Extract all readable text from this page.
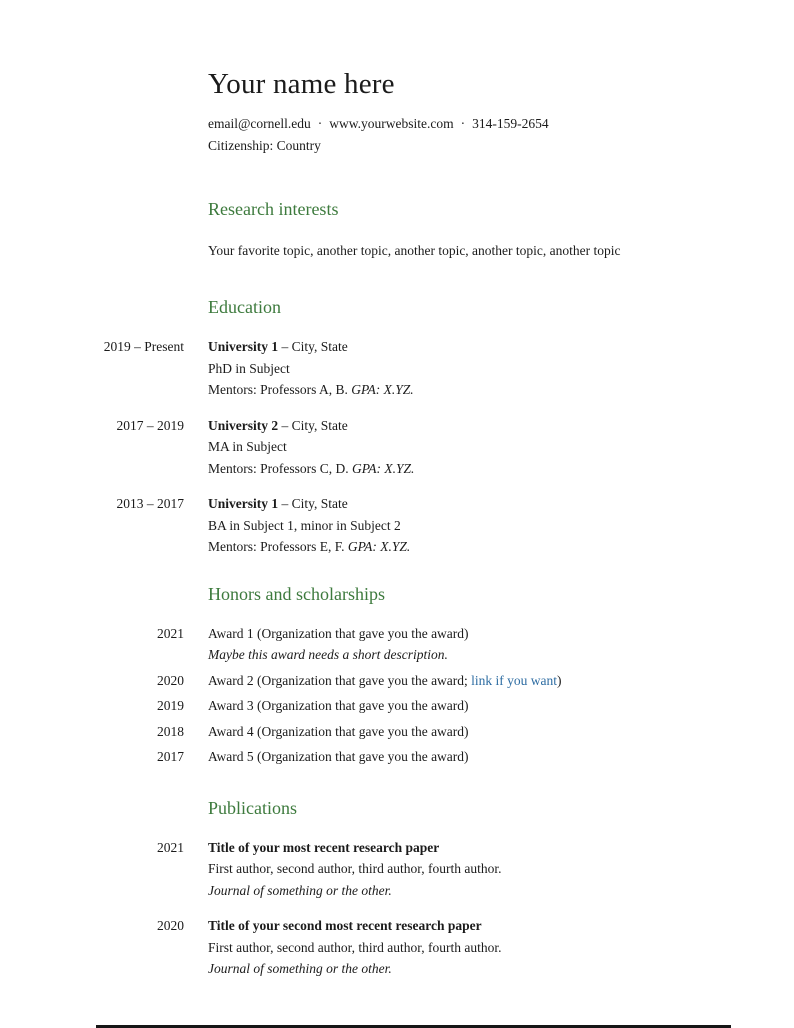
Your name here
email@cornell.edu · www.yourwebsite.com · 314-159-2654
Citizenship: Country
Research interests
Your favorite topic, another topic, another topic, another topic, another topic
Education
2019 – Present University 1 – City, State
PhD in Subject
Mentors: Professors A, B. GPA: X.YZ.
2017 – 2019 University 2 – City, State
MA in Subject
Mentors: Professors C, D. GPA: X.YZ.
2013 – 2017 University 1 – City, State
BA in Subject 1, minor in Subject 2
Mentors: Professors E, F. GPA: X.YZ.
Honors and scholarships
2021 Award 1 (Organization that gave you the award)
Maybe this award needs a short description.
2020 Award 2 (Organization that gave you the award; link if you want)
2019 Award 3 (Organization that gave you the award)
2018 Award 4 (Organization that gave you the award)
2017 Award 5 (Organization that gave you the award)
Publications
2021 Title of your most recent research paper
First author, second author, third author, fourth author.
Journal of something or the other.
2020 Title of your second most recent research paper
First author, second author, third author, fourth author.
Journal of something or the other.
